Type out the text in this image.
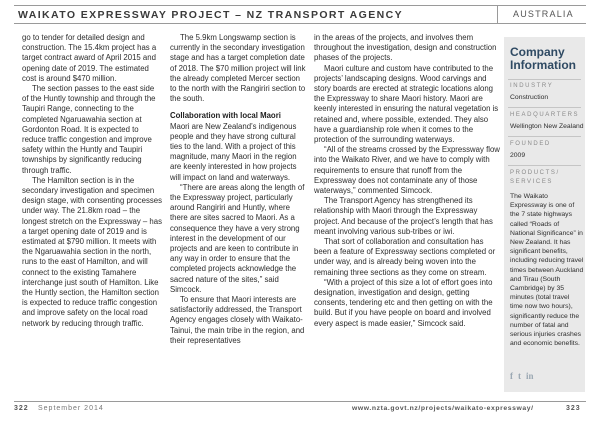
WAIKATO EXPRESSWAY PROJECT – NZ TRANSPORT AGENCY	AUSTRALIA

go to tender for detailed design and construction. The 15.4km project has a target contract award of April 2015 and opening date of 2019. The estimated cost is around $470 million.

The section passes to the east side of the Huntly township and through the Taupiri Range, connecting to the completed Ngaruawahia section at Gordonton Road. It is expected to reduce traffic congestion and improve safety within the Huntly and Taupiri townships by significantly reducing through traffic.

The Hamilton section is in the secondary investigation and specimen design stage, with consenting processes under way. The 21.8km road – the longest stretch on the Expressway – has a target opening date of 2019 and is estimated at $790 million. It meets with the Ngaruawahia section in the north, runs to the east of Hamilton, and will connect to the existing Tamahere interchange just south of Hamilton. Like the Huntly section, the Hamilton section is expected to reduce traffic congestion and improve safety on the local road network by reducing through traffic.

The 5.9km Longswamp section is currently in the secondary investigation stage and has a target completion date of 2018. The $70 million project will link the already completed Mercer section to the north with the Rangiriri section to the south.

Collaboration with local Maori

Maori are New Zealand’s indigenous people and they have strong cultural ties to the land. With a project of this magnitude, many Maori in the region are keenly interested in how projects will impact on land and waterways.

“There are areas along the length of the Expressway project, particularly around Rangiriri and Huntly, where there are sites sacred to Maori. As a consequence they have a very strong interest in the development of our projects and are keen to contribute in any way in order to ensure that the completed projects acknowledge the sacred nature of the sites,” said Simcock.

To ensure that Maori interests are satisfactorily addressed, the Transport Agency engages closely with Waikato-Tainui, the main tribe in the region, and their representatives

in the areas of the projects, and involves them throughout the investigation, design and construction phases of the projects.

Maori culture and custom have contributed to the projects’ landscaping designs. Wood carvings and story boards are erected at strategic locations along the Expressway to share Maori history. Maori are keenly interested in ensuring the natural vegetation is retained and, where possible, extended. They also have a guardianship role when it comes to the protection of the surrounding waterways.

“All of the streams crossed by the Expressway flow into the Waikato River, and we have to comply with requirements to ensure that runoff from the Expressway does not contaminate any of those waterways,” commented Simcock.

The Transport Agency has strengthened its relationship with Maori through the Expressway project. And because of the project’s length that has meant involving various sub-tribes or iwi.

That sort of collaboration and consultation has been a feature of Expressway sections completed or under way, and is already being woven into the remaining three sections as they come on stream.

“With a project of this size a lot of effort goes into designation, investigation and design, getting consents, tendering etc and then getting on with the build. But if you have people on board and involved every aspect is made easier,” Simcock said.

Company Information
INDUSTRY
Construction
HEADQUARTERS
Wellington New Zealand
FOUNDED
2009
PRODUCTS/
SERVICES
The Waikato Expressway is one of the 7 state highways called “Roads of National Significance” in New Zealand. It has significant benefits, including reducing travel times between Auckland and Tirau (South Cambridge) by 35 minutes (total travel time now two hours), significantly reduce the number of fatal and serious injuries crashes and economic benefits.
f t in
322 September 2014	www.nzta.govt.nz/projects/waikato-expressway/	323
